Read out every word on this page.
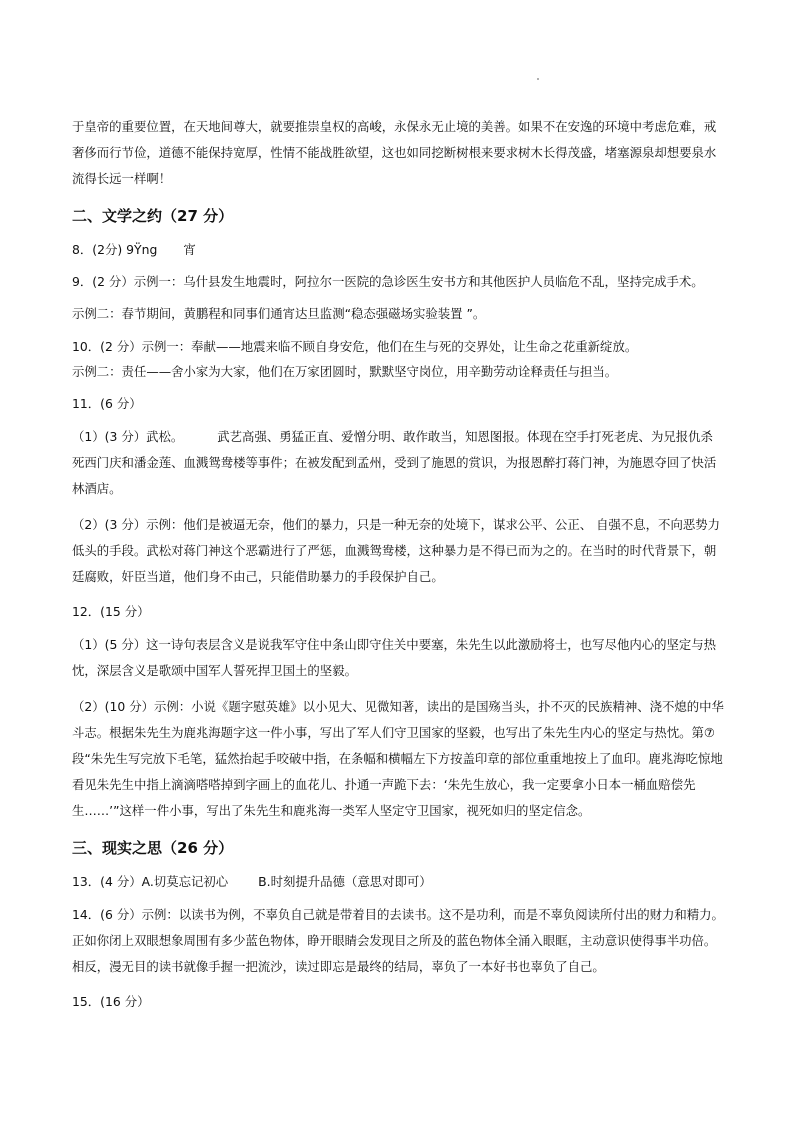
于皇帝的重要位置，在天地间尊大，就要推崇皇权的高峻，永保永无止境的美善。如果不在安逸的环境中考虑危难，戒奢侈而行节俭，道德不能保持宽厚，性情不能战胜欲望，这也如同挖断树根来要求树木长得茂盛，堵塞源泉却想要泉水流得长远一样啊！

二、文学之约（27 分）

8．(2分) 9Ÿng 宵

9．(2 分）示例一：乌什县发生地震时，阿拉尔一医院的急诊医生安书方和其他医护人员临危不乱，坚持完成手术。

示例二：春节期间，黄鹏程和同事们通宵达旦监测“稳态强磁场实验装置 ”。

10．(2 分）示例一：奉献——地震来临不顾自身安危，他们在生与死的交界处，让生命之花重新绽放。

示例二：责任——舍小家为大家，他们在万家团圆时，默默坚守岗位，用辛勤劳动诠释责任与担当。

11．(6 分）

（1）(3 分）武松。	武艺高强、勇猛正直、爱憎分明、敢作敢当，知恩图报。体现在空手打死老虎、为兄报仇杀死西门庆和潘金莲、血溅鸳鸯楼等事件；在被发配到孟州，受到了施恩的赏识，为报恩醉打蒋门神，为施恩夺回了快活林酒店。

（2）(3 分）示例：他们是被逼无奈，他们的暴力，只是一种无奈的处境下，谋求公平、公正、 自强不息，不向恶势力低头的手段。武松对蒋门神这个恶霸进行了严惩，血溅鸳鸯楼，这种暴力是不得已而为之的。在当时的时代背景下，朝廷腐败，奸臣当道，他们身不由己，只能借助暴力的手段保护自己。

12．(15 分）

（1）(5 分）这一诗句表层含义是说我军守住中条山即守住关中要塞，朱先生以此激励将士，也写尽他内心的坚定与热忱，深层含义是歌颂中国军人誓死捍卫国土的坚毅。

（2）(10 分）示例：小说《题字慰英雄》以小见大、见微知著，读出的是国殇当头，扑不灭的民族精神、浇不熄的中华斗志。根据朱先生为鹿兆海题字这一件小事，写出了军人们守卫国家的坚毅，也写出了朱先生内心的坚定与热忱。第⑦段“朱先生写完放下毛笔，猛然抬起手咬破中指，在条幅和横幅左下方按盖印章的部位重重地按上了血印。鹿兆海吃惊地看见朱先生中指上滴滴嗒嗒掉到字画上的血花儿、扑通一声跪下去：‘朱先生放心，我一定要拿小日本一桶血赔偿先生……’”这样一件小事，写出了朱先生和鹿兆海一类军人坚定守卫国家，视死如归的坚定信念。

三、现实之思（26 分）

13．(4 分）A.切莫忘记初心 B.时刻提升品德（意思对即可）

14．(6 分）示例：以读书为例，不辜负自己就是带着目的去读书。这不是功利，而是不辜负阅读所付出的财力和精力。正如你闭上双眼想象周围有多少蓝色物体，睁开眼睛会发现目之所及的蓝色物体全涌入眼眶，主动意识使得事半功倍。相反，漫无目的读书就像手握一把流沙，读过即忘是最终的结局，辜负了一本好书也辜负了自己。

15．(16 分）
